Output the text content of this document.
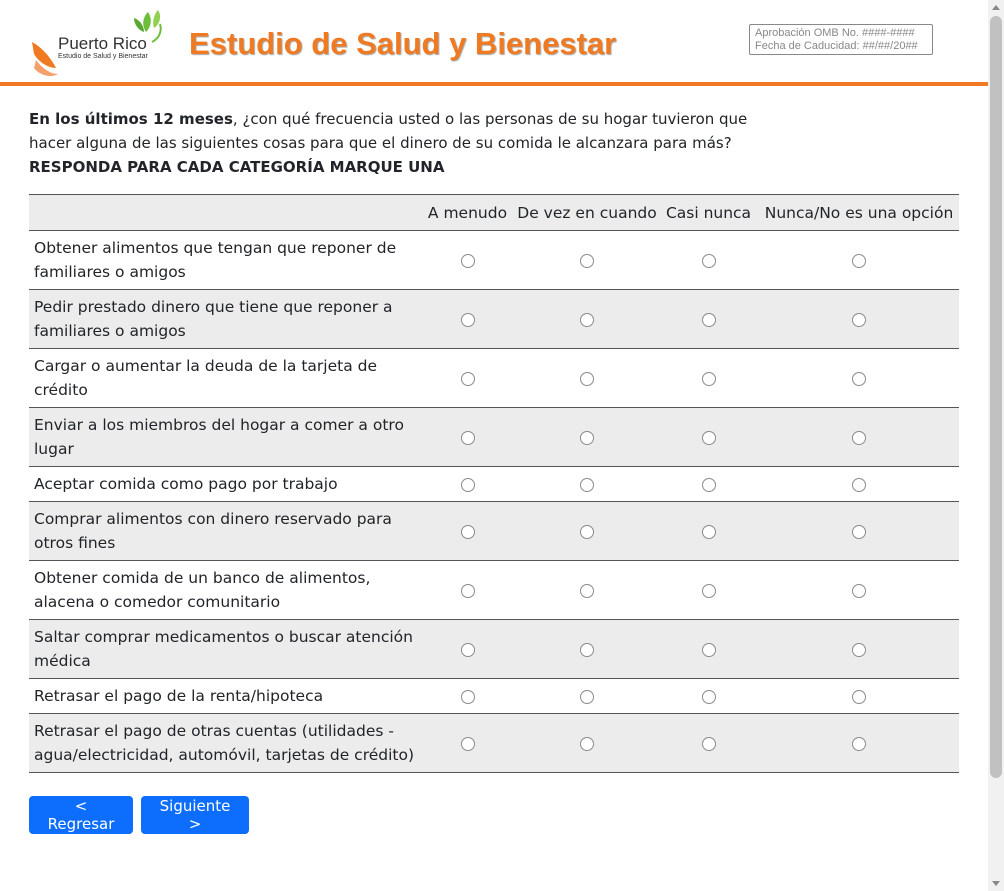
Puerto Rico
Estudio de Salud y Bienestar Estudio de Salud y Bienestar	Aprobación OMB No. ####-####
Fecha de Caducidad: ##/##/20##
En los últimos 12 meses, ¿con qué frecuencia usted o las personas de su hogar tuvieron que hacer alguna de las siguientes cosas para que el dinero de su comida le alcanzara para más?
RESPONDA PARA CADA CATEGORÍA MARQUE UNA
	A menudo	De vez en cuando	Casi nunca	Nunca/No es una opción
Obtener alimentos que tengan que reponer de familiares o amigos				
Pedir prestado dinero que tiene que reponer a familiares o amigos				
Cargar o aumentar la deuda de la tarjeta de crédito				
Enviar a los miembros del hogar a comer a otro lugar				
Aceptar comida como pago por trabajo				
Comprar alimentos con dinero reservado para otros fines				
Obtener comida de un banco de alimentos, alacena o comedor comunitario				
Saltar comprar medicamentos o buscar atención médica				
Retrasar el pago de la renta/hipoteca				
Retrasar el pago de otras cuentas (utilidades - agua/electricidad, automóvil, tarjetas de crédito)				
< Regresar
Siguiente >
